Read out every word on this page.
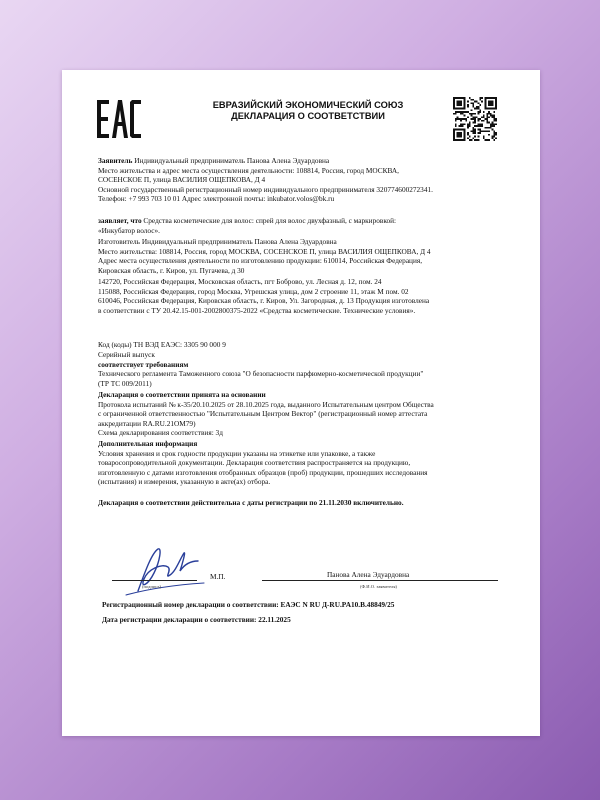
ЕВРАЗИЙСКИЙ ЭКОНОМИЧЕСКИЙ СОЮЗ
ДЕКЛАРАЦИЯ О СООТВЕТСТВИИ
Заявитель Индивидуальный предприниматель Панова Алена Эдуардовна
Место жительства и адрес места осуществления деятельности: 108814, Россия, город МОСКВА,
СОСЕНСКОЕ П, улица ВАСИЛИЯ ОЩЕПКОВА, Д 4
Основной государственный регистрационный номер индивидуального предпринимателя 320774600272341.
Телефон: +7 993 703 10 01 Адрес электронной почты: inkubator.volos@bk.ru
заявляет, что Средства косметические для волос: спрей для волос двухфазный, с маркировкой:
«Инкубатор волос».
Изготовитель Индивидуальный предприниматель Панова Алена Эдуардовна
Место жительства: 108814, Россия, город МОСКВА, СОСЕНСКОЕ П, улица ВАСИЛИЯ ОЩЕПКОВА, Д 4
Адрес места осуществления деятельности по изготовлению продукции: 610014, Российская Федерация,
Кировская область, г. Киров, ул. Пугачева, д 30
142720, Российская Федерация, Московская область, пгт Боброво, ул. Лесная д. 12, пом. 24
115088, Российская Федерация, город Москва, Угрешская улица, дом 2 строение 11, этаж М пом. 02
610046, Российская Федерация, Кировская область, г. Киров, Ул. Загородная, д. 13 Продукция изготовлена
в соответствии с ТУ 20.42.15-001-2002800375-2022 «Средства косметические. Технические условия».
Код (коды) ТН ВЭД ЕАЭС: 3305 90 000 9
Серийный выпуск
соответствует требованиям
Технического регламента Таможенного союза "О безопасности парфюмерно-косметической продукции"
(ТР ТС 009/2011)
Декларация о соответствии принята на основании
Протокола испытаний № к-35/20.10.2025 от 28.10.2025 года, выданного Испытательным центром Общества
с ограниченной ответственностью "Испытательным Центром Вектор" (регистрационный номер аттестата
аккредитации RA.RU.21ОМ79)
Схема декларирования соответствия: 3д
Дополнительная информация
Условия хранения и срок годности продукции указаны на этикетке или упаковке, а также
товаросопроводительной документации. Декларация соответствия распространяется на продукцию,
изготовленную с датами изготовления отобранных образцов (проб) продукции, прошедших исследования
(испытания) и измерения, указанную в акте(ах) отбора.
Декларация о соответствии действительна с даты регистрации по 21.11.2030 включительно.
(подпись)
М.П.	Панова Алена Эдуардовна
(Ф.И.О. заявителя)
Регистрационный номер декларации о соответствии: ЕАЭС N RU Д-RU.PA10.B.48849/25
Дата регистрации декларации о соответствии: 22.11.2025
